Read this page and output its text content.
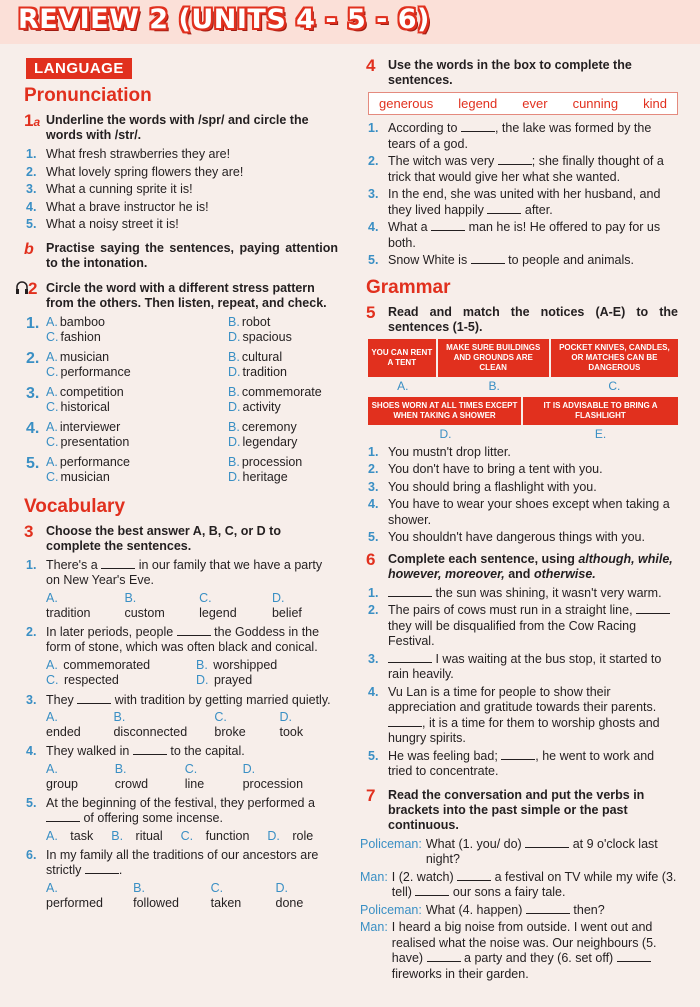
REVIEW 2 (UNITS 4 - 5 - 6)
LANGUAGE
Pronunciation
1a Underline the words with /spr/ and circle the words with /str/.
1. What fresh strawberries they are!
2. What lovely spring flowers they are!
3. What a cunning sprite it is!
4. What a brave instructor he is!
5. What a noisy street it is!
b Practise saying the sentences, paying attention to the intonation.
2 Circle the word with a different stress pattern from the others. Then listen, repeat, and check.
1. A. bamboo	B. robot
C. fashion	D. spacious
2. A. musician	B. cultural
C. performance	D. tradition
3. A. competition	B. commemorate
C. historical	D. activity
4. A. interviewer	B. ceremony
C. presentation	D. legendary
5. A. performance	B. procession
C. musician	D. heritage
Vocabulary
3	Choose the best answer A, B, C, or D to complete the sentences.
1. There's a	in our family that we have a party on New Year's Eve.
A. tradition
B. custom
C. legend
D. belief
2. In later periods, people	the Goddess in the form of stone, which was often black and conical.
A. commemorated	B. worshipped
C. respected	D. prayed
3. They	with tradition by getting married quietly.
A. ended
B. disconnected
C. broke
D. took
4. They walked in	to the capital.
A. group
B. crowd
C. line
D. procession
5. At the beginning of the festival, they performed a  of offering some incense.
A. task	B. ritual	C. function	D. role
6. In my family all the traditions of our ancestors are strictly	.
A. performed
B. followed
C. taken
D. done
4	Use the words in the box to complete the sentences.
generous legend ever cunning kind
1. According to	, the lake was formed by the tears of a god.
2. The witch was very	; she finally thought of a trick that would give her what she wanted.
3. In the end, she was united with her husband, and they lived happily	after.
4. What a	man he is! He offered to pay for us both.
5. Snow White is	to people and animals.
Grammar
5	Read and match the notices (A-E) to the sentences (1-5).
YOU CAN RENT A TENT
MAKE SURE BUILDINGS AND GROUNDS ARE CLEAN
POCKET KNIVES, CANDLES, OR MATCHES CAN BE DANGEROUS
A.	B.	C.
SHOES WORN AT ALL TIMES EXCEPT WHEN TAKING A SHOWER
IT IS ADVISABLE TO BRING A FLASHLIGHT
D.	E.
1. You mustn't drop litter.
2. You don't have to bring a tent with you.
3. You should bring a flashlight with you.
4. You have to wear your shoes except when taking a shower.
5. You shouldn't have dangerous things with you.
6	Complete each sentence, using although, while, however, moreover, and otherwise.
1.	the sun was shining, it wasn't very warm.
2. The pairs of cows must run in a straight line,  they will be disqualified from the Cow Racing Festival.
3.	I was waiting at the bus stop, it started to rain heavily.
4. Vu Lan is a time for people to show their appreciation and gratitude towards their parents. , it is a time for them to worship ghosts and hungry spirits.
5. He was feeling bad;	, he went to work and tried to concentrate.
7	Read the conversation and put the verbs in brackets into the past simple or the past continuous.
Policeman: What (1. you/ do)	at 9 o'clock last night?
Man: I (2. watch)	a festival on TV while my wife (3. tell)	our sons a fairy tale.
Policeman: What (4. happen)	then?
Man: I heard a big noise from outside. I went out and realised what the noise was. Our neighbours (5. have)	a party and they (6. set off)  fireworks in their garden.
